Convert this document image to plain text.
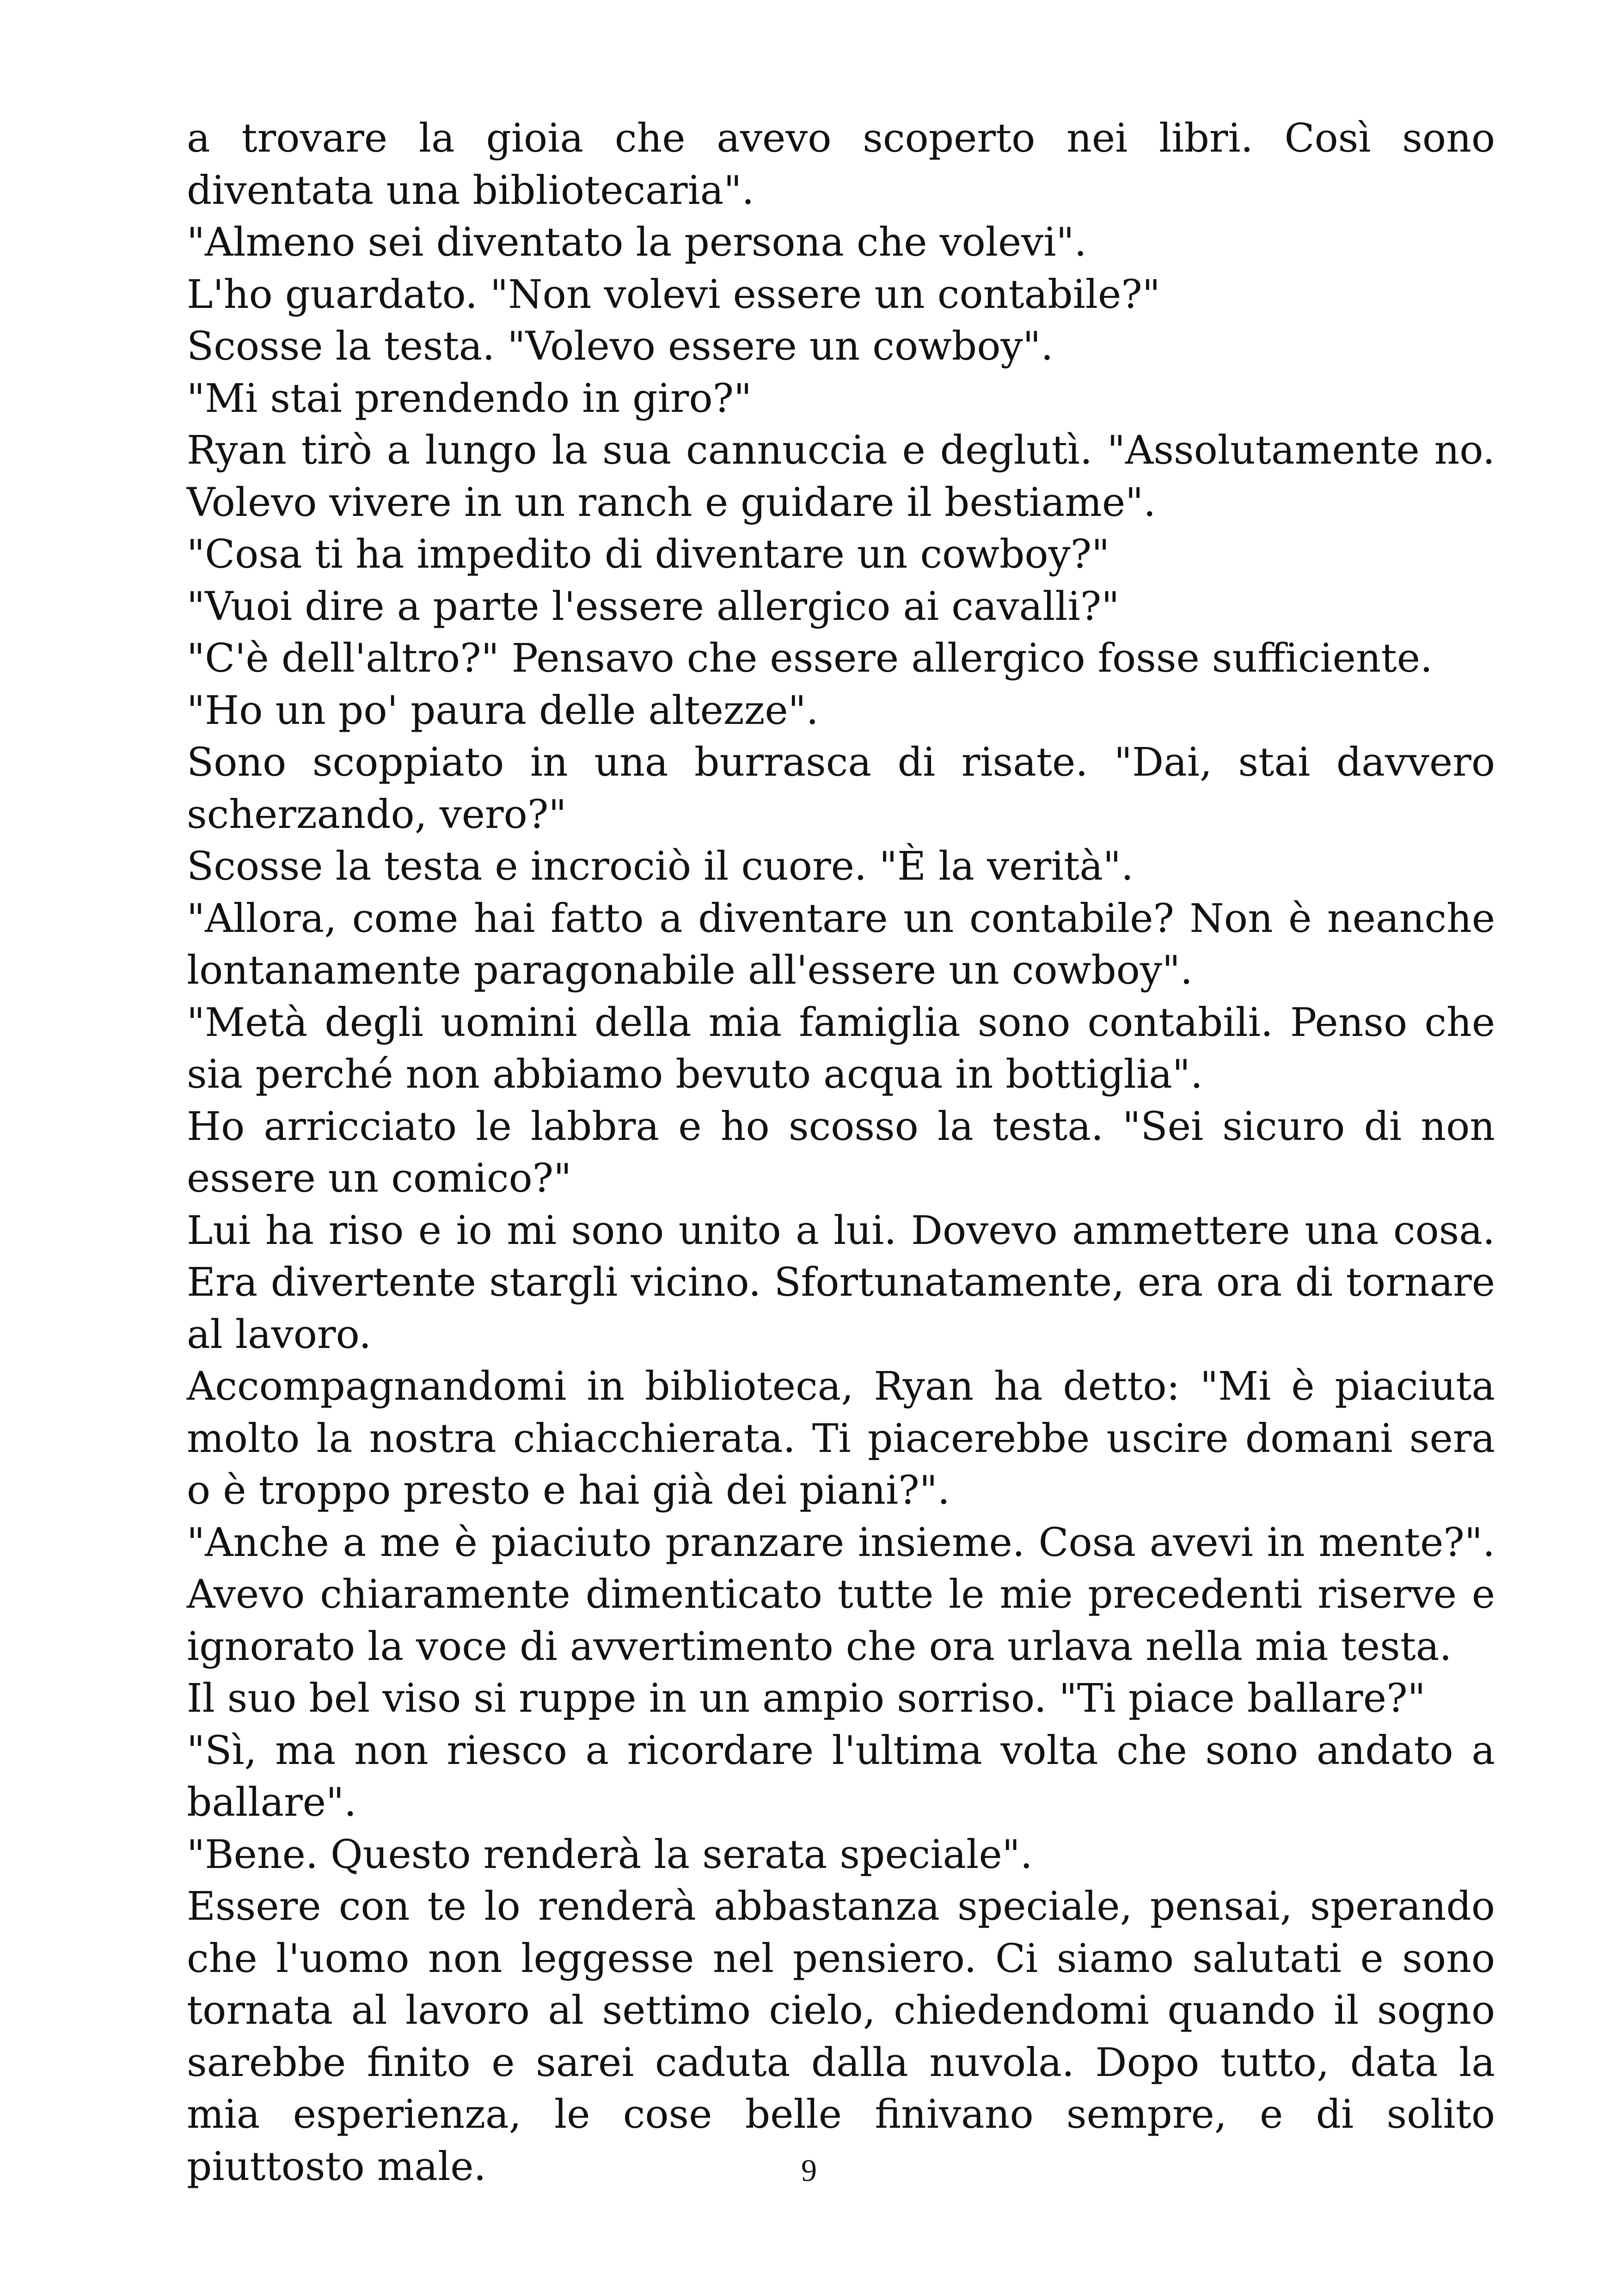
a trovare la gioia che avevo scoperto nei libri. Così sono diventata una bibliotecaria".

"Almeno sei diventato la persona che volevi".

L'ho guardato. "Non volevi essere un contabile?"

Scosse la testa. "Volevo essere un cowboy".

"Mi stai prendendo in giro?"

Ryan tirò a lungo la sua cannuccia e deglutì. "Assolutamente no. Volevo vivere in un ranch e guidare il bestiame".

"Cosa ti ha impedito di diventare un cowboy?"

"Vuoi dire a parte l'essere allergico ai cavalli?"

"C'è dell'altro?" Pensavo che essere allergico fosse sufficiente.

"Ho un po' paura delle altezze".

Sono scoppiato in una burrasca di risate. "Dai, stai davvero scherzando, vero?"

Scosse la testa e incrociò il cuore. "È la verità".

"Allora, come hai fatto a diventare un contabile? Non è neanche lontanamente paragonabile all'essere un cowboy".

"Metà degli uomini della mia famiglia sono contabili. Penso che sia perché non abbiamo bevuto acqua in bottiglia".

Ho arricciato le labbra e ho scosso la testa. "Sei sicuro di non essere un comico?"

Lui ha riso e io mi sono unito a lui. Dovevo ammettere una cosa. Era divertente stargli vicino. Sfortunatamente, era ora di tornare al lavoro.

Accompagnandomi in biblioteca, Ryan ha detto: "Mi è piaciuta molto la nostra chiacchierata. Ti piacerebbe uscire domani sera o è troppo presto e hai già dei piani?".

"Anche a me è piaciuto pranzare insieme. Cosa avevi in mente?". Avevo chiaramente dimenticato tutte le mie precedenti riserve e ignorato la voce di avvertimento che ora urlava nella mia testa.

Il suo bel viso si ruppe in un ampio sorriso. "Ti piace ballare?"

"Sì, ma non riesco a ricordare l'ultima volta che sono andato a ballare".

"Bene. Questo renderà la serata speciale".

Essere con te lo renderà abbastanza speciale, pensai, sperando che l'uomo non leggesse nel pensiero. Ci siamo salutati e sono tornata al lavoro al settimo cielo, chiedendomi quando il sogno sarebbe finito e sarei caduta dalla nuvola. Dopo tutto, data la mia esperienza, le cose belle finivano sempre, e di solito piuttosto male.	9
